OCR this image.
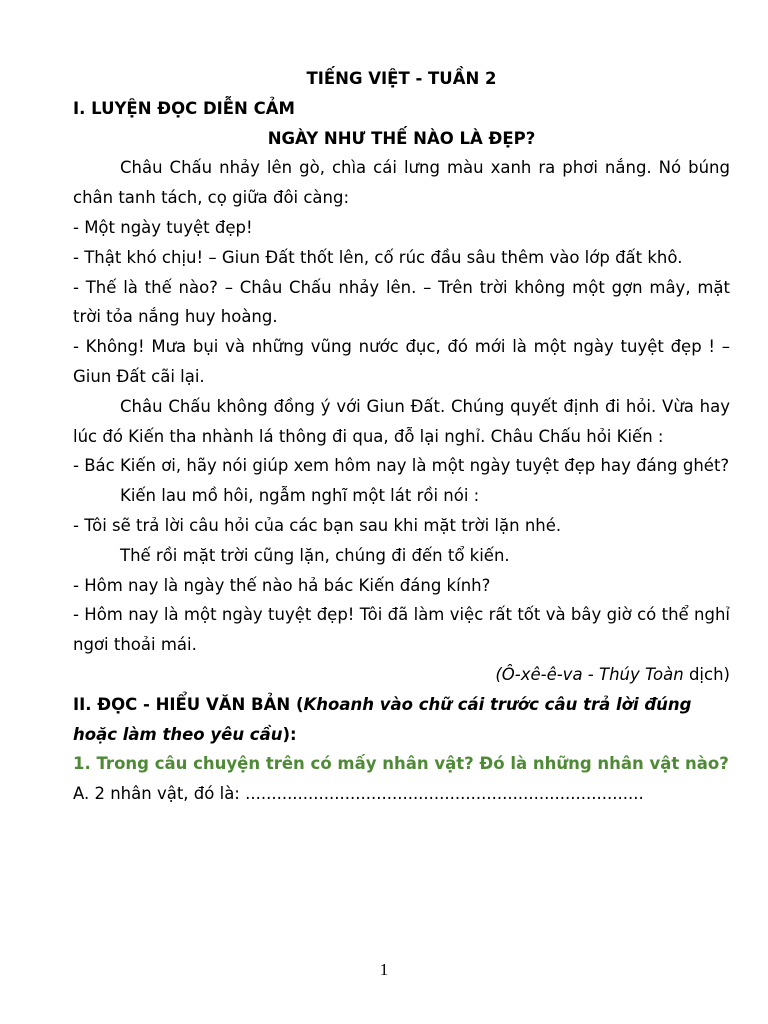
TIẾNG VIỆT - TUẦN 2

I. LUYỆN ĐỌC DIỄN CẢM

NGÀY NHƯ THẾ NÀO LÀ ĐẸP?

Châu Chấu nhảy lên gò, chìa cái lưng màu xanh ra phơi nắng. Nó búng chân tanh tách, cọ giữa đôi càng:

- Một ngày tuyệt đẹp!

- Thật khó chịu! – Giun Đất thốt lên, cố rúc đầu sâu thêm vào lớp đất khô.

- Thế là thế nào? – Châu Chấu nhảy lên. – Trên trời không một gợn mây, mặt trời tỏa nắng huy hoàng.

- Không! Mưa bụi và những vũng nước đục, đó mới là một ngày tuyệt đẹp ! – Giun Đất cãi lại.

Châu Chấu không đồng ý với Giun Đất. Chúng quyết định đi hỏi. Vừa hay lúc đó Kiến tha nhành lá thông đi qua, đỗ lại nghỉ. Châu Chấu hỏi Kiến :

- Bác Kiến ơi, hãy nói giúp xem hôm nay là một ngày tuyệt đẹp hay đáng ghét?

Kiến lau mồ hôi, ngẫm nghĩ một lát rồi nói :

- Tôi sẽ trả lời câu hỏi của các bạn sau khi mặt trời lặn nhé.

Thế rồi mặt trời cũng lặn, chúng đi đến tổ kiến.

- Hôm nay là ngày thế nào hả bác Kiến đáng kính?

- Hôm nay là một ngày tuyệt đẹp! Tôi đã làm việc rất tốt và bây giờ có thể nghỉ ngơi thoải mái.

(Ô-xê-ê-va - Thúy Toàn dịch)

II. ĐỌC - HIỂU VĂN BẢN (Khoanh vào chữ cái trước câu trả lời đúng hoặc làm theo yêu cầu):

1. Trong câu chuyện trên có mấy nhân vật? Đó là những nhân vật nào?

A. 2 nhân vật, đó là: ............................................................................

1
